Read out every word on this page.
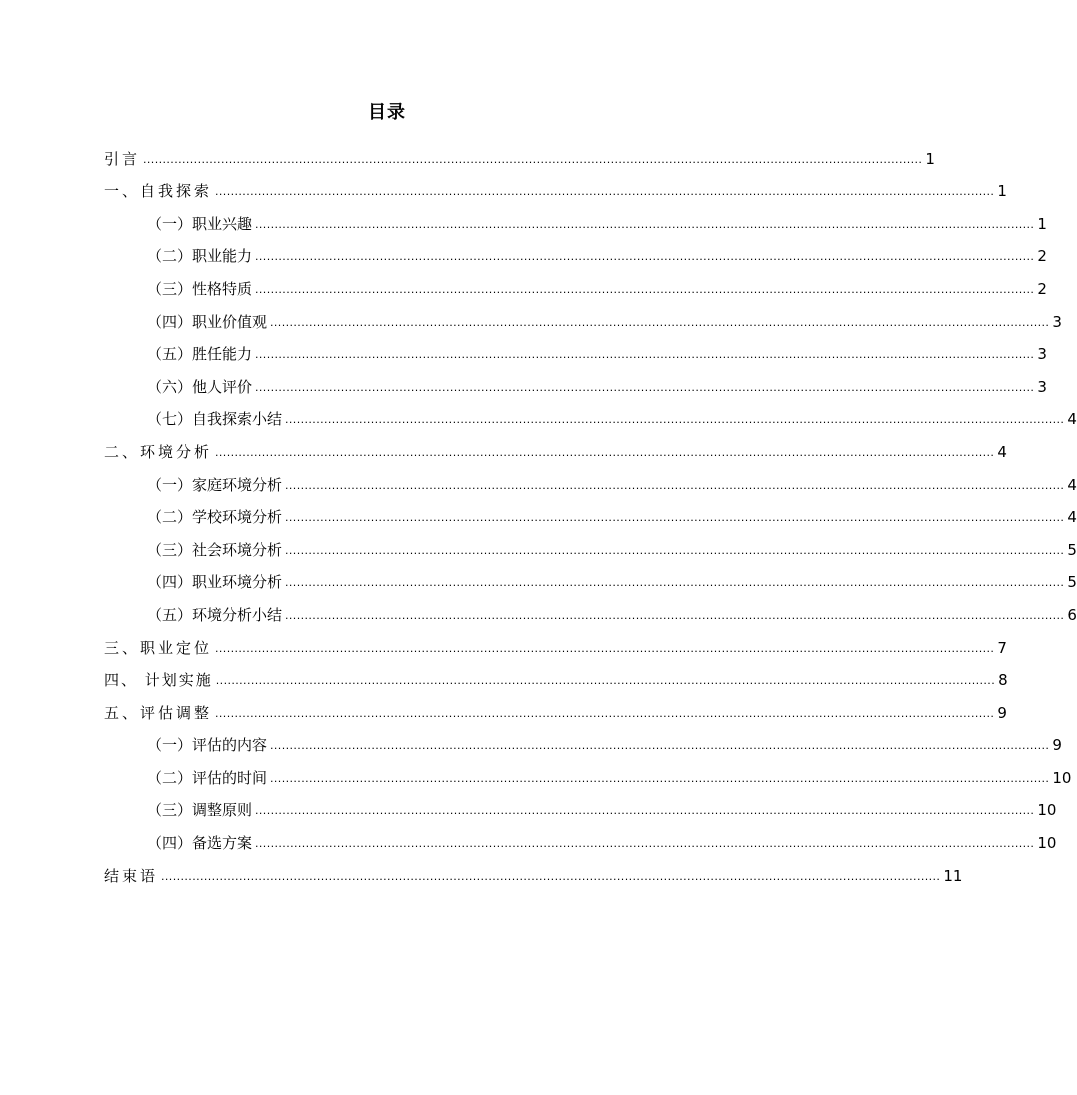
目录
引言 ........................................................................................................................................................................................................ 1
一、自我探索 ........................................................................................................................................................................................................ 1
（一）职业兴趣 ........................................................................................................................................................................................................ 1
（二）职业能力 ........................................................................................................................................................................................................ 2
（三）性格特质 ........................................................................................................................................................................................................ 2
（四）职业价值观 ........................................................................................................................................................................................................ 3
（五）胜任能力 ........................................................................................................................................................................................................ 3
（六）他人评价 ........................................................................................................................................................................................................ 3
（七）自我探索小结 ........................................................................................................................................................................................................ 4
二、环境分析 ........................................................................................................................................................................................................ 4
（一）家庭环境分析 ........................................................................................................................................................................................................ 4
（二）学校环境分析 ........................................................................................................................................................................................................ 4
（三）社会环境分析 ........................................................................................................................................................................................................ 5
（四）职业环境分析 ........................................................................................................................................................................................................ 5
（五）环境分析小结 ........................................................................................................................................................................................................ 6
三、职业定位 ........................................................................................................................................................................................................ 7
四、 计划实施 ........................................................................................................................................................................................................ 8
五、评估调整 ........................................................................................................................................................................................................ 9
（一）评估的内容 ........................................................................................................................................................................................................ 9
（二）评估的时间 ........................................................................................................................................................................................................ 10
（三）调整原则 ........................................................................................................................................................................................................ 10
（四）备选方案 ........................................................................................................................................................................................................ 10
结束语 ........................................................................................................................................................................................................ 11
